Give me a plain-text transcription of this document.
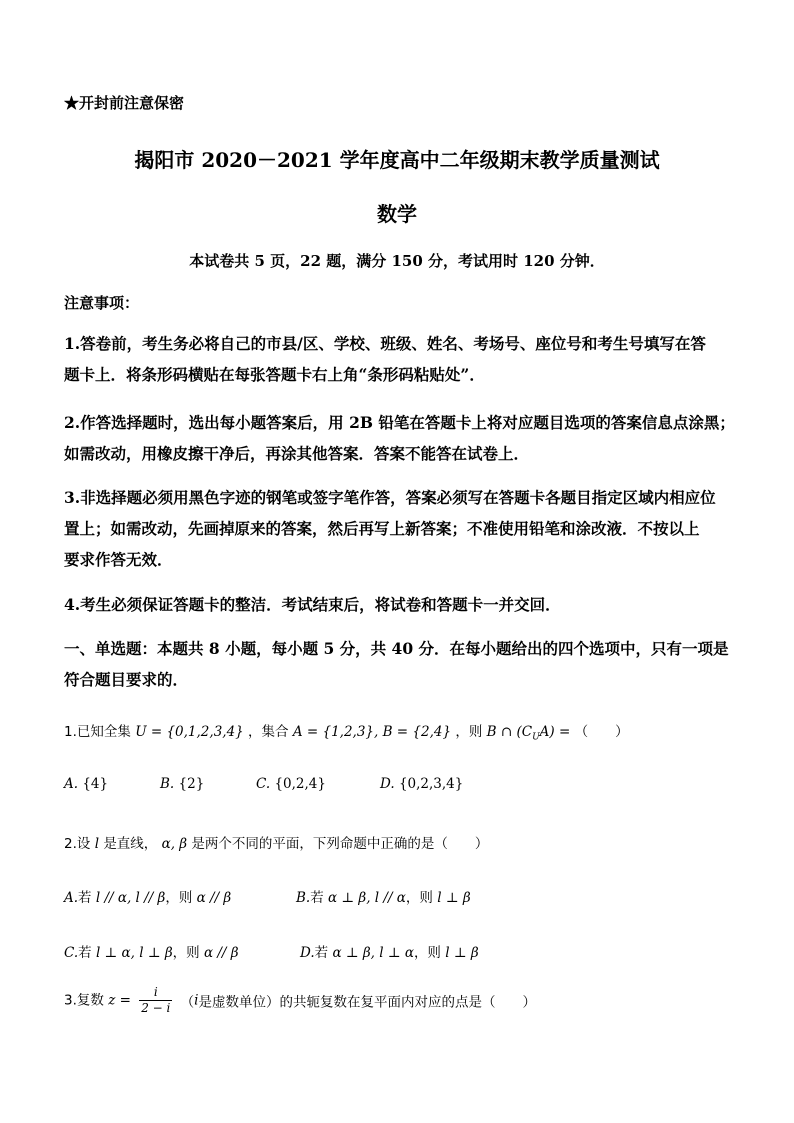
★开封前注意保密
揭阳市 2020－2021 学年度高中二年级期末教学质量测试
数学
本试卷共 5 页，22 题，满分 150 分，考试用时 120 分钟．
注意事项：
1.答卷前，考生务必将自己的市县/区、学校、班级、姓名、考场号、座位号和考生号填写在答
题卡上．将条形码横贴在每张答题卡右上角“条形码粘贴处”．
2.作答选择题时，选出每小题答案后，用 2B 铅笔在答题卡上将对应题目选项的答案信息点涂黑；
如需改动，用橡皮擦干净后，再涂其他答案．答案不能答在试卷上．
3.非选择题必须用黑色字迹的钢笔或签字笔作答，答案必须写在答题卡各题目指定区域内相应位
置上；如需改动，先画掉原来的答案，然后再写上新答案；不准使用铅笔和涂改液．不按以上
要求作答无效．
4.考生必须保证答题卡的整洁．考试结束后，将试卷和答题卡一并交回．
一、单选题：本题共 8 小题，每小题 5 分，共 40 分．在每小题给出的四个选项中，只有一项是
符合题目要求的．
1.已知全集 U = {0,1,2,3,4} ，集合 A = {1,2,3}, B = {2,4} ，则 B ∩ $(C_UA)$ = （　　）
A. {4}	B. {2}	C. {0,2,4}	D. {0,2,3,4}
2.设 l 是直线， α, β 是两个不同的平面，下列命题中正确的是（　　）
A.若 l // α, l // β，则 α // β	B.若 α ⊥ β, l // α，则 l ⊥ β
C.若 l ⊥ α, l ⊥ β，则 α // β	D.若 α ⊥ β, l ⊥ α，则 l ⊥ β
3.复数 $z = \frac{i}{2 - i} (i$是虚数单位）的共轭复数在复平面内对应的点是（　　）
